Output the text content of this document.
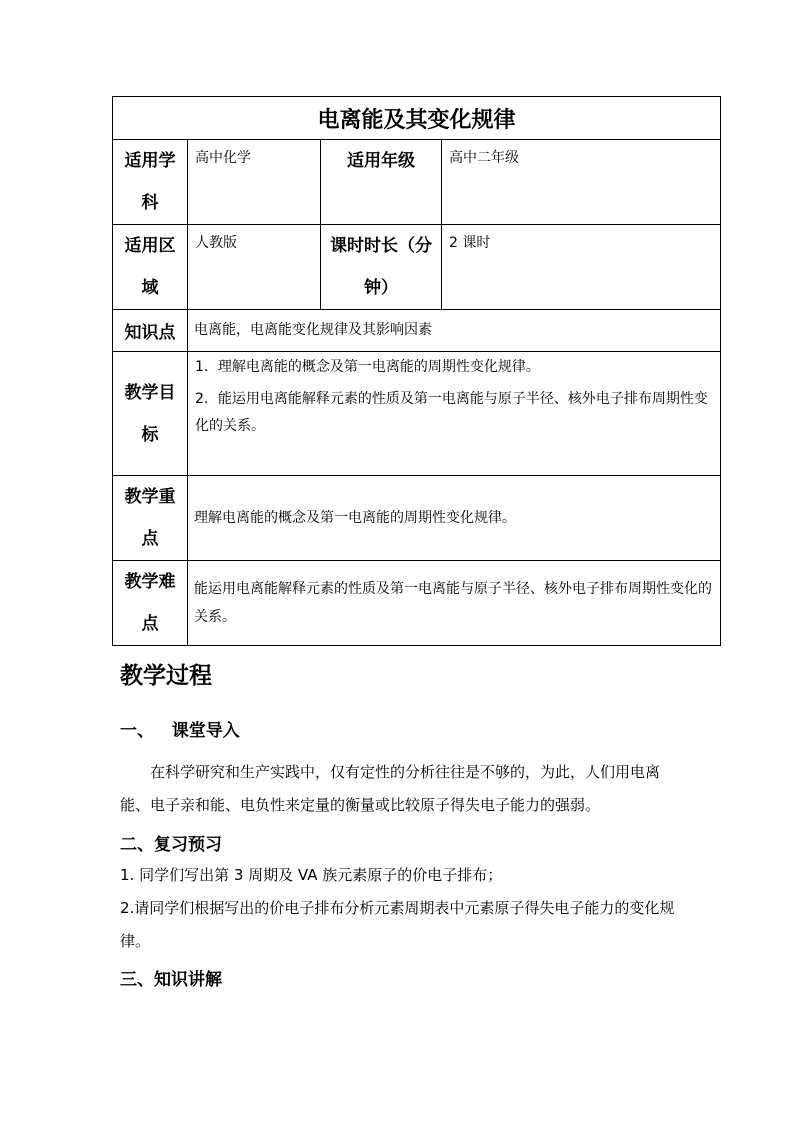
电离能及其变化规律			
适用学科	高中化学	适用年级	高中二年级
适用区域	人教版	课时时长（分钟）	2 课时
知识点	电离能，电离能变化规律及其影响因素		
教学目标	1．理解电离能的概念及第一电离能的周期性变化规律。
2．能运用电离能解释元素的性质及第一电离能与原子半径、核外电子排布周期性变化的关系。		

教学重点	理解电离能的概念及第一电离能的周期性变化规律。		
教学难点	能运用电离能解释元素的性质及第一电离能与原子半径、核外电子排布周期性变化的关系。		
教学过程
一、   课堂导入

在科学研究和生产实践中，仅有定性的分析往往是不够的，为此，人们用电离能、电子亲和能、电负性来定量的衡量或比较原子得失电子能力的强弱。

二、复习预习

1. 同学们写出第 3 周期及 VA 族元素原子的价电子排布；

2.请同学们根据写出的价电子排布分析元素周期表中元素原子得失电子能力的变化规律。

三、知识讲解
